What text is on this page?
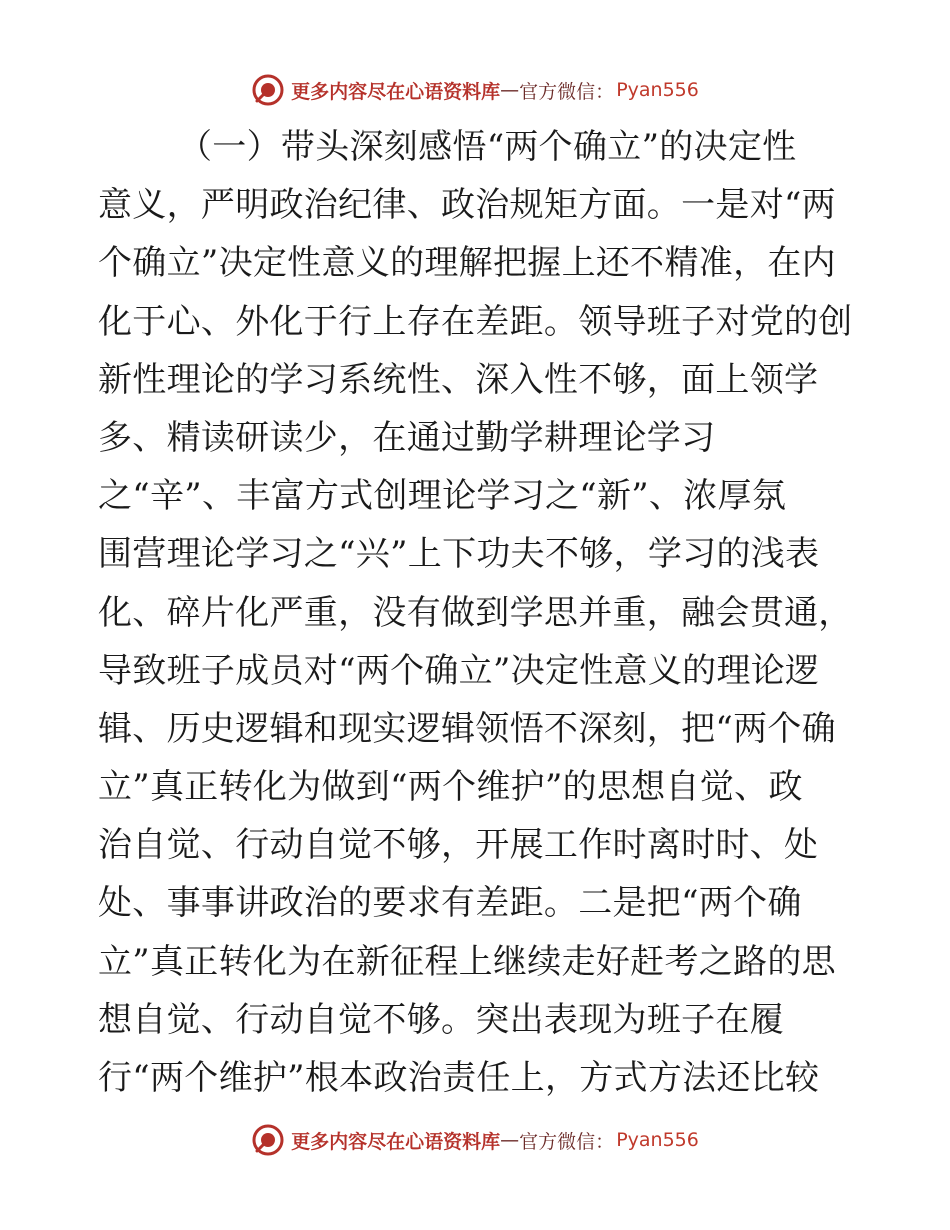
更多内容尽在心语资料库 — 官方微信： Pyan556
（一）带头深刻感悟“两个确立”的决定性
意义，严明政治纪律、政治规矩方面。一是对“两
个确立”决定性意义的理解把握上还不精准，在内
化于心、外化于行上存在差距。领导班子对党的创
新性理论的学习系统性、深入性不够，面上领学
多、精读研读少，在通过勤学耕理论学习
之“辛”、丰富方式创理论学习之“新”、浓厚氛
围营理论学习之“兴”上下功夫不够，学习的浅表
化、碎片化严重，没有做到学思并重，融会贯通，
导致班子成员对“两个确立”决定性意义的理论逻
辑、历史逻辑和现实逻辑领悟不深刻，把“两个确
立”真正转化为做到“两个维护”的思想自觉、政
治自觉、行动自觉不够，开展工作时离时时、处
处、事事讲政治的要求有差距。二是把“两个确
立”真正转化为在新征程上继续走好赶考之路的思
想自觉、行动自觉不够。突出表现为班子在履
行“两个维护”根本政治责任上，方式方法还比较
更多内容尽在心语资料库 — 官方微信： Pyan556
